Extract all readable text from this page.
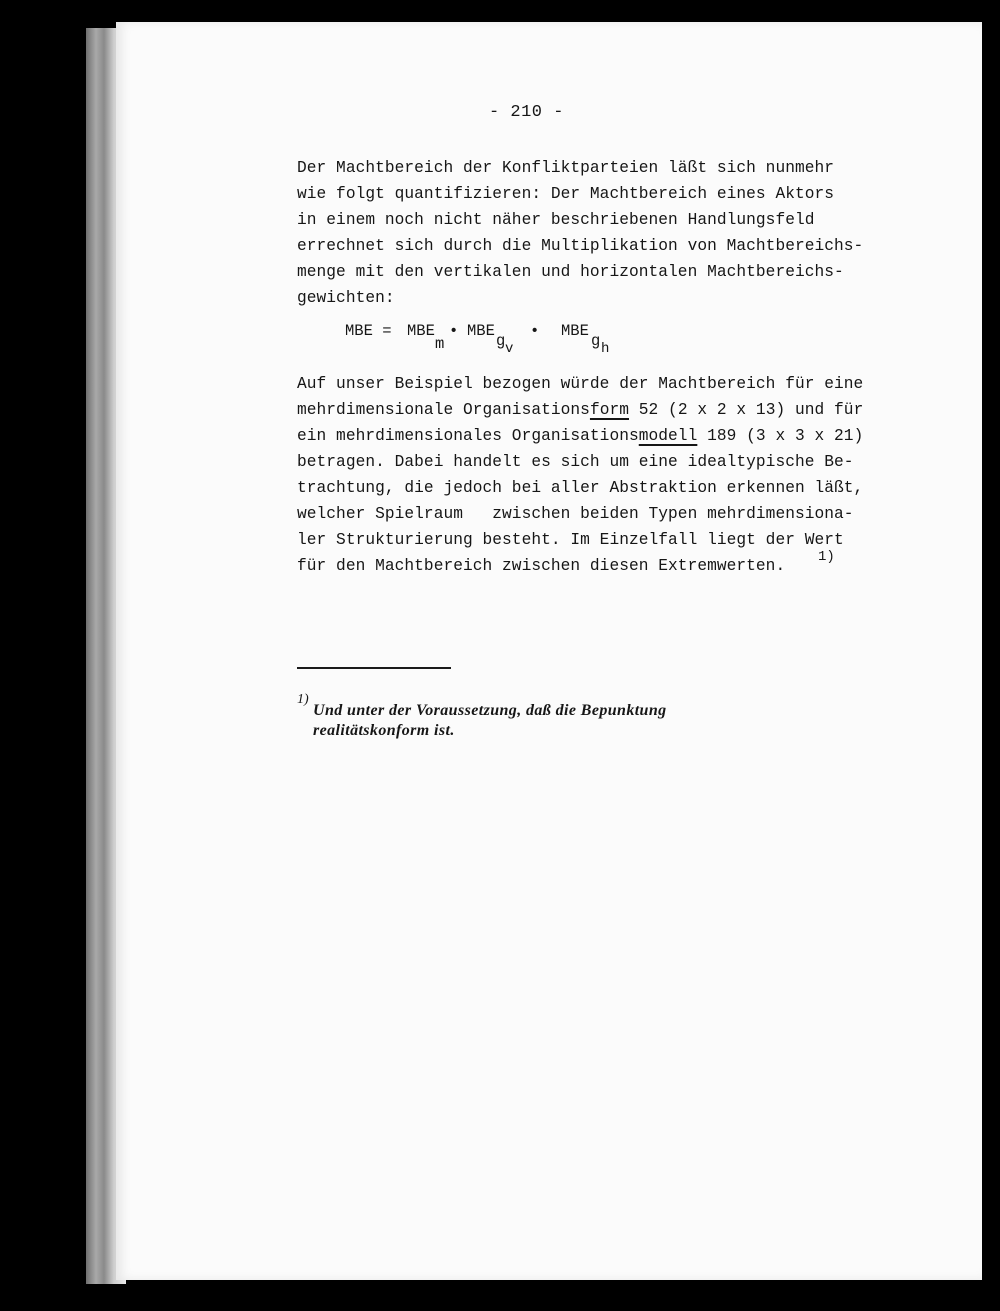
- 210 -
Der Machtbereich der Konfliktparteien läßt sich nunmehr
wie folgt quantifizieren: Der Machtbereich eines Aktors
in einem noch nicht näher beschriebenen Handlungsfeld
errechnet sich durch die Multiplikation von Machtbereichs-
menge mit den vertikalen und horizontalen Machtbereichs-
gewichten:

MBE =

MBE

m

•

MBE

g

v

•

MBE

g

h

Auf unser Beispiel bezogen würde der Machtbereich für eine
mehrdimensionale Organisationsform 52 (2 x 2 x 13) und für
ein mehrdimensionales Organisationsmodell 189 (3 x 3 x 21)
betragen. Dabei handelt es sich um eine idealtypische Be-
trachtung, die jedoch bei aller Abstraktion erkennen läßt,
welcher Spielraum   zwischen beiden Typen mehrdimensiona-
ler Strukturierung besteht. Im Einzelfall liegt der Wert
für den Machtbereich zwischen diesen Extremwerten.	1)
1)
Und unter der Voraussetzung, daß die Bepunktung
realitätskonform ist.
